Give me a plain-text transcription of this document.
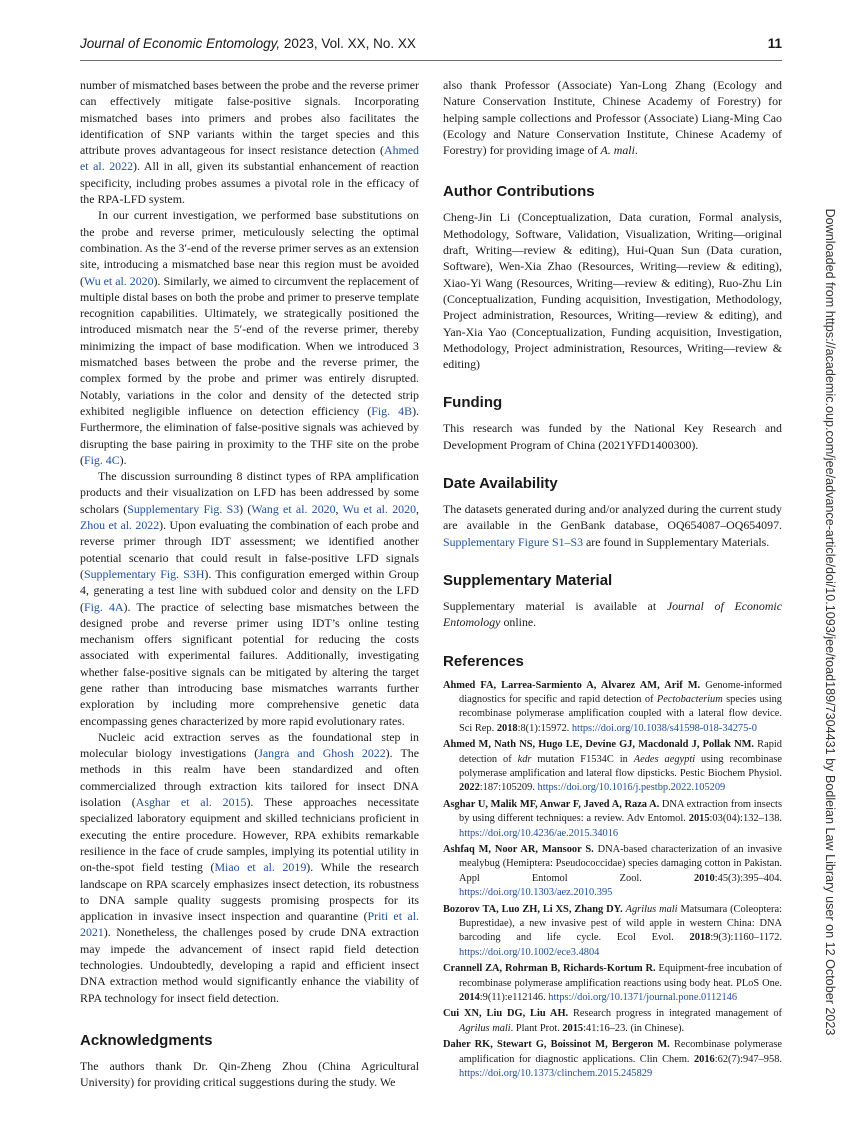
Journal of Economic Entomology, 2023, Vol. XX, No. XX	11

number of mismatched bases between the probe and the reverse primer can effectively mitigate false-positive signals. Incorporating mismatched bases into primers and probes also facilitates the identification of SNP variants within the target species and this attribute proves advantageous for insect resistance detection (Ahmed et al. 2022). All in all, given its substantial enhancement of reaction specificity, including probes assumes a pivotal role in the efficacy of the RPA-LFD system.

In our current investigation, we performed base substitutions on the probe and reverse primer, meticulously selecting the optimal combination. As the 3′-end of the reverse primer serves as an extension site, introducing a mismatched base near this region must be avoided (Wu et al. 2020). Similarly, we aimed to circumvent the replacement of multiple distal bases on both the probe and primer to preserve template recognition capabilities. Ultimately, we strategically positioned the introduced mismatch near the 5′-end of the reverse primer, thereby minimizing the impact of base modification. When we introduced 3 mismatched bases between the probe and the reverse primer, the complex formed by the probe and primer was entirely disrupted. Notably, variations in the color and density of the detected strip exhibited negligible influence on detection efficiency (Fig. 4B). Furthermore, the elimination of false-positive signals was achieved by disrupting the base pairing in proximity to the THF site on the probe (Fig. 4C).

The discussion surrounding 8 distinct types of RPA amplification products and their visualization on LFD has been addressed by some scholars (Supplementary Fig. S3) (Wang et al. 2020, Wu et al. 2020, Zhou et al. 2022). Upon evaluating the combination of each probe and reverse primer through IDT assessment; we identified another potential scenario that could result in false-positive LFD signals (Supplementary Fig. S3H). This configuration emerged within Group 4, generating a test line with subdued color and density on the LFD (Fig. 4A). The practice of selecting base mismatches between the designed probe and reverse primer using IDT’s online testing mechanism offers significant potential for reducing the costs associated with experimental failures. Additionally, investigating whether false-positive signals can be mitigated by altering the target gene rather than introducing base mismatches warrants further exploration by including more comprehensive genetic data encompassing genes characterized by more rapid evolutionary rates.

Nucleic acid extraction serves as the foundational step in molecular biology investigations (Jangra and Ghosh 2022). The methods in this realm have been standardized and often commercialized through extraction kits tailored for insect DNA isolation (Asghar et al. 2015). These approaches necessitate specialized laboratory equipment and skilled technicians proficient in executing the entire procedure. However, RPA exhibits remarkable resilience in the face of crude samples, implying its potential utility in on-the-spot field testing (Miao et al. 2019). While the research landscape on RPA scarcely emphasizes insect detection, its robustness to DNA sample quality suggests promising prospects for its application in invasive insect inspection and quarantine (Priti et al. 2021). Nonetheless, the challenges posed by crude DNA extraction may impede the advancement of insect rapid field detection technologies. Undoubtedly, developing a rapid and efficient insect DNA extraction method would significantly enhance the viability of RPA technology for insect field detection.

Acknowledgments

The authors thank Dr. Qin-Zheng Zhou (China Agricultural University) for providing critical suggestions during the study. We

also thank Professor (Associate) Yan-Long Zhang (Ecology and Nature Conservation Institute, Chinese Academy of Forestry) for helping sample collections and Professor (Associate) Liang-Ming Cao (Ecology and Nature Conservation Institute, Chinese Academy of Forestry) for providing image of A. mali.

Author Contributions

Cheng-Jin Li (Conceptualization, Data curation, Formal analysis, Methodology, Software, Validation, Visualization, Writing—original draft, Writing—review & editing), Hui-Quan Sun (Data curation, Software), Wen-Xia Zhao (Resources, Writing—review & editing), Xiao-Yi Wang (Resources, Writing—review & editing), Ruo-Zhu Lin (Conceptualization, Funding acquisition, Investigation, Methodology, Project administration, Resources, Writing—review & editing), and Yan-Xia Yao (Conceptualization, Funding acquisition, Investigation, Methodology, Project administration, Resources, Writing—review & editing)

Funding

This research was funded by the National Key Research and Development Program of China (2021YFD1400300).

Date Availability

The datasets generated during and/or analyzed during the current study are available in the GenBank database, OQ654087–OQ654097. Supplementary Figure S1–S3 are found in Supplementary Materials.

Supplementary Material

Supplementary material is available at Journal of Economic Entomology online.

References
Ahmed FA, Larrea-Sarmiento A, Alvarez AM, Arif M. Genome-informed diagnostics for specific and rapid detection of Pectobacterium species using recombinase polymerase amplification coupled with a lateral flow device. Sci Rep. 2018:8(1):15972. https://doi.org/10.1038/s41598-018-34275-0
Ahmed M, Nath NS, Hugo LE, Devine GJ, Macdonald J, Pollak NM. Rapid detection of kdr mutation F1534C in Aedes aegypti using recombinase polymerase amplification and lateral flow dipsticks. Pestic Biochem Physiol. 2022:187:105209. https://doi.org/10.1016/j.pestbp.2022.105209
Asghar U, Malik MF, Anwar F, Javed A, Raza A. DNA extraction from insects by using different techniques: a review. Adv Entomol. 2015:03(04):132–138. https://doi.org/10.4236/ae.2015.34016
Ashfaq M, Noor AR, Mansoor S. DNA-based characterization of an invasive mealybug (Hemiptera: Pseudococcidae) species damaging cotton in Pakistan. Appl Entomol Zool. 2010:45(3):395–404. https://doi.org/10.1303/aez.2010.395
Bozorov TA, Luo ZH, Li XS, Zhang DY. Agrilus mali Matsumara (Coleoptera: Buprestidae), a new invasive pest of wild apple in western China: DNA barcoding and life cycle. Ecol Evol. 2018:9(3):1160–1172. https://doi.org/10.1002/ece3.4804
Crannell ZA, Rohrman B, Richards-Kortum R. Equipment-free incubation of recombinase polymerase amplification reactions using body heat. PLoS One. 2014:9(11):e112146. https://doi.org/10.1371/journal.pone.0112146
Cui XN, Liu DG, Liu AH. Research progress in integrated management of Agrilus mali. Plant Prot. 2015:41:16–23. (in Chinese).
Daher RK, Stewart G, Boissinot M, Bergeron M. Recombinase polymerase amplification for diagnostic applications. Clin Chem. 2016:62(7):947–958. https://doi.org/10.1373/clinchem.2015.245829
Downloaded from https://academic.oup.com/jee/advance-article/doi/10.1093/jee/toad189/7304431 by Bodleian Law Library user on 12 October 2023
